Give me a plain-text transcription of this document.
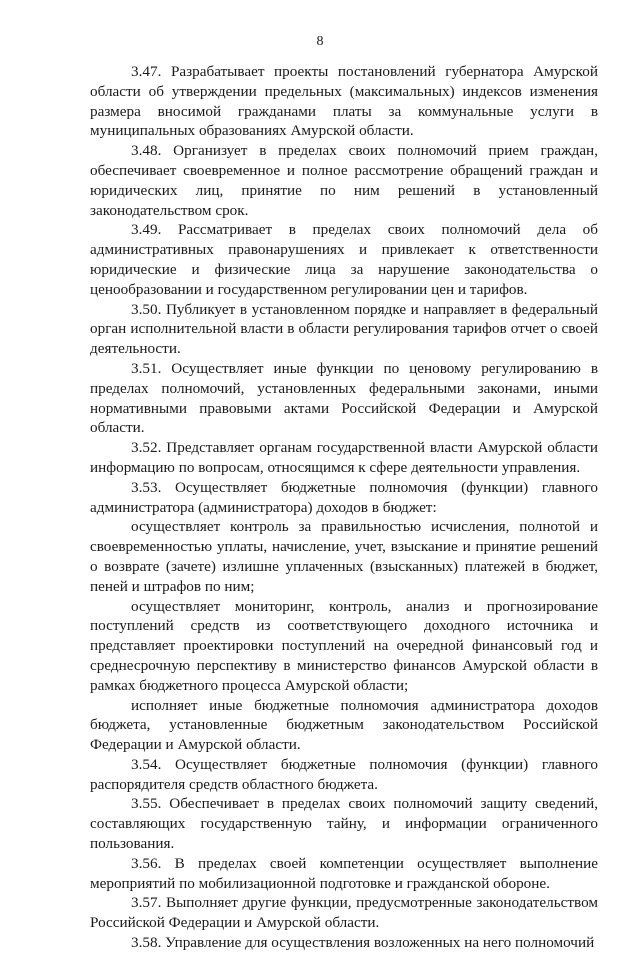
8

3.47. Разрабатывает проекты постановлений губернатора Амурской области об утверждении предельных (максимальных) индексов изменения размера вносимой гражданами платы за коммунальные услуги в муниципальных образованиях Амурской области.

3.48. Организует в пределах своих полномочий прием граждан, обеспечивает своевременное и полное рассмотрение обращений граждан и юридических лиц, принятие по ним решений в установленный законодательством срок.

3.49. Рассматривает в пределах своих полномочий дела об административных правонарушениях и привлекает к ответственности юридические и физические лица за нарушение законодательства о ценообразовании и государственном регулировании цен и тарифов.

3.50. Публикует в установленном порядке и направляет в федеральный орган исполнительной власти в области регулирования тарифов отчет о своей деятельности.

3.51. Осуществляет иные функции по ценовому регулированию в пределах полномочий, установленных федеральными законами, иными нормативными правовыми актами Российской Федерации и Амурской области.

3.52. Представляет органам государственной власти Амурской области информацию по вопросам, относящимся к сфере деятельности управления.

3.53. Осуществляет бюджетные полномочия (функции) главного администратора (администратора) доходов в бюджет:

осуществляет контроль за правильностью исчисления, полнотой и своевременностью уплаты, начисление, учет, взыскание и принятие решений о возврате (зачете) излишне уплаченных (взысканных) платежей в бюджет, пеней и штрафов по ним;

осуществляет мониторинг, контроль, анализ и прогнозирование поступлений средств из соответствующего доходного источника и представляет проектировки поступлений на очередной финансовый год и среднесрочную перспективу в министерство финансов Амурской области в рамках бюджетного процесса Амурской области;

исполняет иные бюджетные полномочия администратора доходов бюджета, установленные бюджетным законодательством Российской Федерации и Амурской области.

3.54. Осуществляет бюджетные полномочия (функции) главного распорядителя средств областного бюджета.

3.55. Обеспечивает в пределах своих полномочий защиту сведений, составляющих государственную тайну, и информации ограниченного пользования.

3.56. В пределах своей компетенции осуществляет выполнение мероприятий по мобилизационной подготовке и гражданской обороне.

3.57. Выполняет другие функции, предусмотренные законодательством Российской Федерации и Амурской области.

3.58. Управление для осуществления возложенных на него полномочий
